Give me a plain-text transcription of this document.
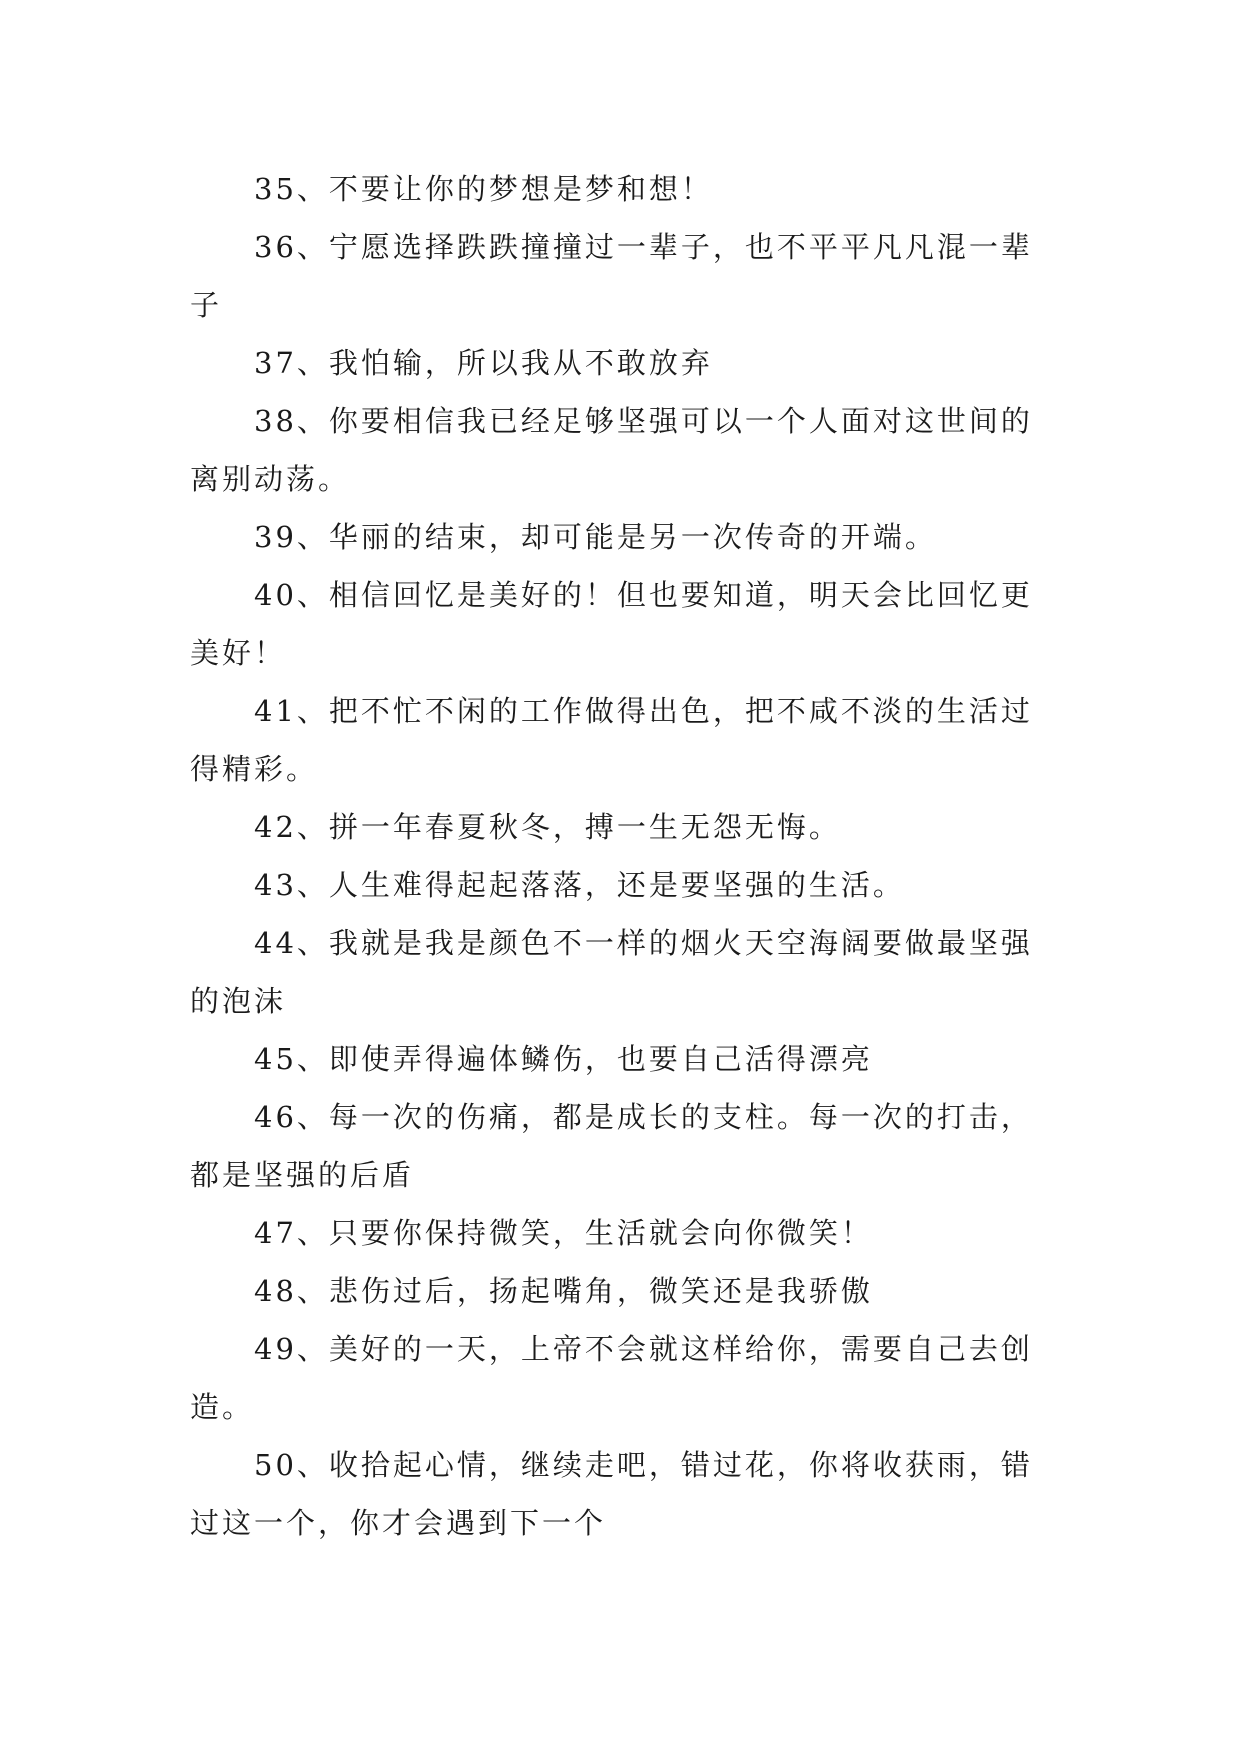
35、不要让你的梦想是梦和想！

36、宁愿选择跌跌撞撞过一辈子，也不平平凡凡混一辈子

37、我怕输，所以我从不敢放弃

38、你要相信我已经足够坚强可以一个人面对这世间的离别动荡。

39、华丽的结束，却可能是另一次传奇的开端。

40、相信回忆是美好的！但也要知道，明天会比回忆更美好！

41、把不忙不闲的工作做得出色，把不咸不淡的生活过得精彩。

42、拼一年春夏秋冬，搏一生无怨无悔。

43、人生难得起起落落，还是要坚强的生活。

44、我就是我是颜色不一样的烟火天空海阔要做最坚强的泡沫

45、即使弄得遍体鳞伤，也要自己活得漂亮

46、每一次的伤痛，都是成长的支柱。每一次的打击，都是坚强的后盾

47、只要你保持微笑，生活就会向你微笑！

48、悲伤过后，扬起嘴角，微笑还是我骄傲

49、美好的一天，上帝不会就这样给你，需要自己去创造。

50、收拾起心情，继续走吧，错过花，你将收获雨，错过这一个，你才会遇到下一个
